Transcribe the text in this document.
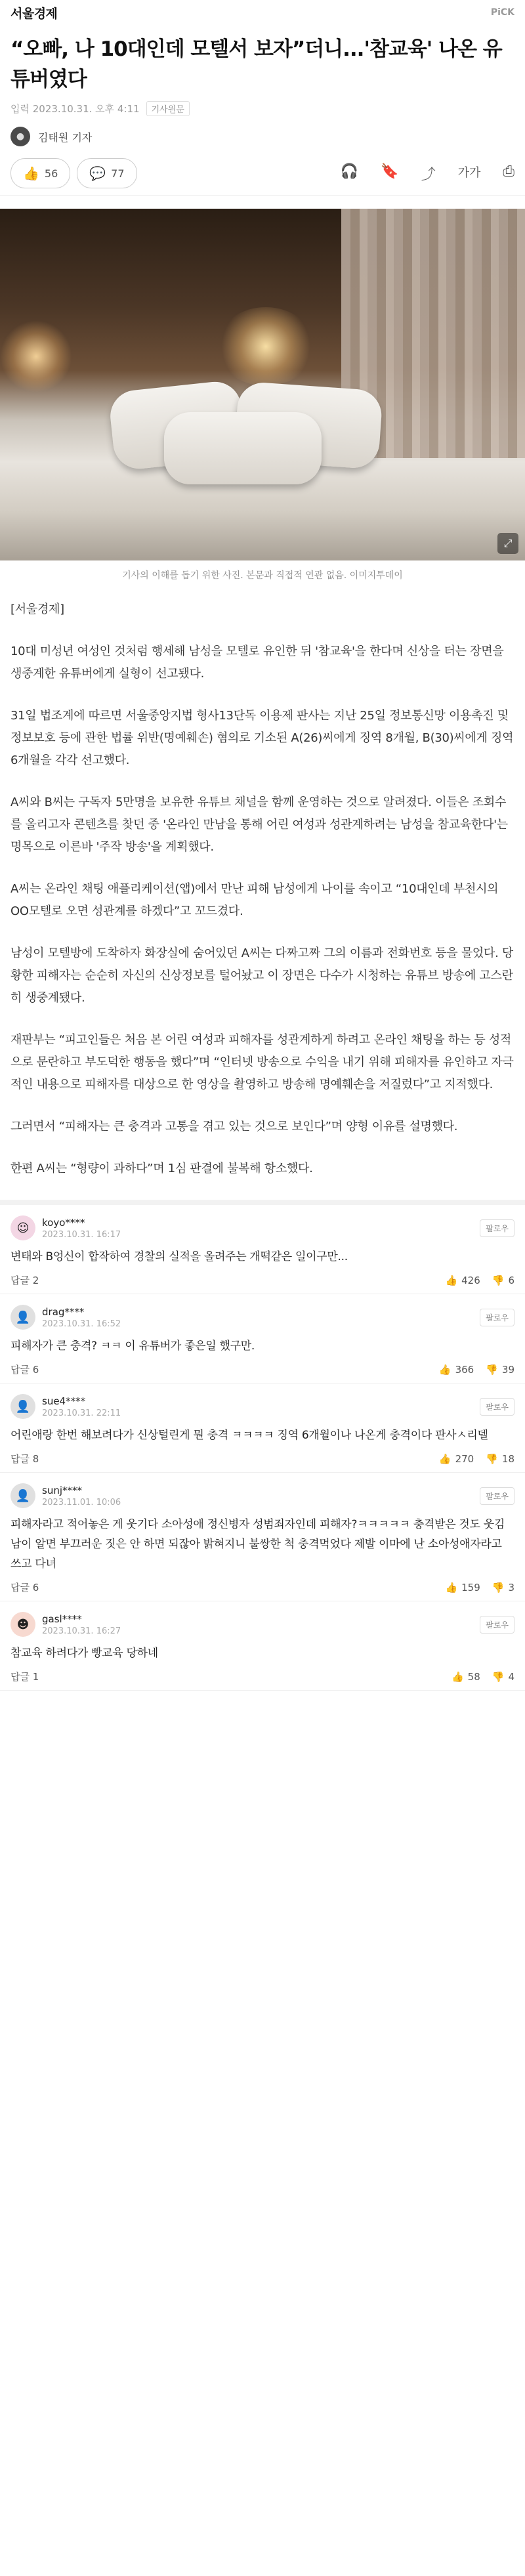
서울경제	PiCK
“오빠, 나 10대인데 모텔서 보자”더니...'참교육' 나온 유튜버였다
입력 2023.10.31. 오후 4:11	기사원문
●	김태원 기자
👍 56 💬 77	🎧 🔖 ⤴ 가가 ⎙
⤢

기사의 이해를 돕기 위한 사진. 본문과 직접적 연관 없음. 이미지투데이

[서울경제]

10대 미성년 여성인 것처럼 행세해 남성을 모텔로 유인한 뒤 '참교육'을 한다며 신상을 터는 장면을 생중계한 유튜버에게 실형이 선고됐다.

31일 법조계에 따르면 서울중앙지법 형사13단독 이용제 판사는 지난 25일 정보통신망 이용촉진 및 정보보호 등에 관한 법률 위반(명예훼손) 혐의로 기소된 A(26)씨에게 징역 8개월, B(30)씨에게 징역 6개월을 각각 선고했다.

A씨와 B씨는 구독자 5만명을 보유한 유튜브 채널을 함께 운영하는 것으로 알려졌다. 이들은 조회수를 올리고자 콘텐츠를 찾던 중 '온라인 만남을 통해 어린 여성과 성관계하려는 남성을 참교육한다'는 명목으로 이른바 '주작 방송'을 계획했다.

A씨는 온라인 채팅 애플리케이션(앱)에서 만난 피해 남성에게 나이를 속이고 “10대인데 부천시의 OO모텔로 오면 성관계를 하겠다”고 꼬드겼다.

남성이 모텔방에 도착하자 화장실에 숨어있던 A씨는 다짜고짜 그의 이름과 전화번호 등을 물었다. 당황한 피해자는 순순히 자신의 신상정보를 털어놨고 이 장면은 다수가 시청하는 유튜브 방송에 고스란히 생중계됐다.

재판부는 “피고인들은 처음 본 어린 여성과 피해자를 성관계하게 하려고 온라인 채팅을 하는 등 성적으로 문란하고 부도덕한 행동을 했다”며 “인터넷 방송으로 수익을 내기 위해 피해자를 유인하고 자극적인 내용으로 피해자를 대상으로 한 영상을 촬영하고 방송해 명예훼손을 저질렀다”고 지적했다.

그러면서 “피해자는 큰 충격과 고통을 겪고 있는 것으로 보인다”며 양형 이유를 설명했다.

한편 A씨는 “형량이 과하다”며 1심 판결에 불복해 항소했다.

☺	koyo****
2023.10.31. 16:17
팔로우

변태와 B엉신이 합작하여 경찰의 실적을 올려주는 개떡같은 일이구만...

답글 2	👍 426 👎 6
👤	drag****
2023.10.31. 16:52
팔로우

피해자가 큰 충격? ㅋㅋ 이 유튜버가 좋은일 했구만.

답글 6	👍 366 👎 39
👤	sue4****
2023.10.31. 22:11
팔로우

어린애랑 한번 해보려다가 신상털린게 뭔 충격 ㅋㅋㅋㅋ 징역 6개월이나 나온게 충격이다 판사ㅅ리델

답글 8	👍 270 👎 18
👤	sunj****
2023.11.01. 10:06
팔로우

피해자라고 적어놓은 게 웃기다 소아성애 정신병자 성범죄자인데 피해자?ㅋㅋㅋㅋㅋ 충격받은 것도 웃김 남이 알면 부끄러운 짓은 안 하면 되잖아 밝혀지니 불쌍한 척 충격먹었다 제발 이마에 난 소아성애자라고 쓰고 다녀

답글 6	👍 159 👎 3
☻	gasl****
2023.10.31. 16:27
팔로우

참교육 하려다가 빵교육 당하네

답글 1	👍 58 👎 4
